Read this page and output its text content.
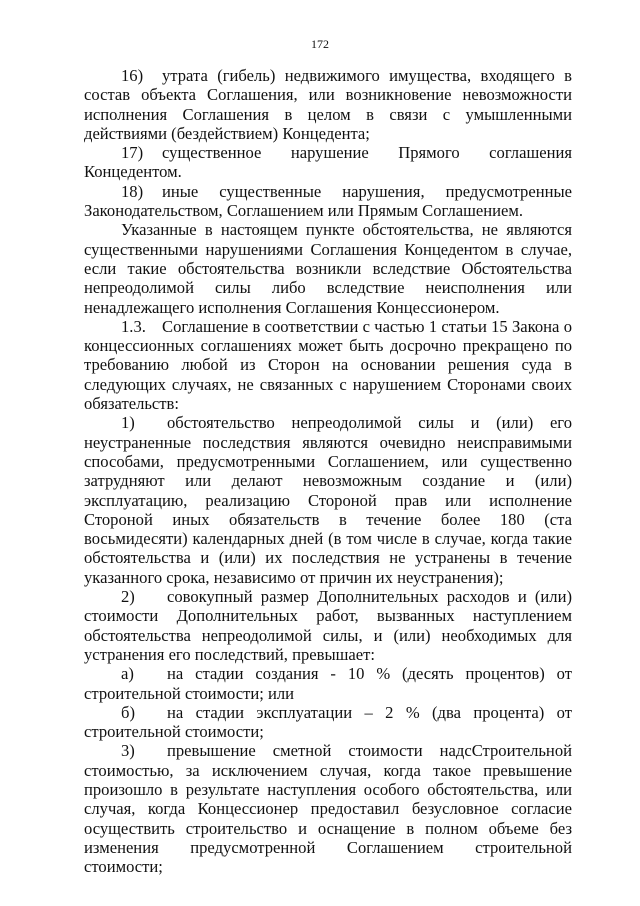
172

16) утрата (гибель) недвижимого имущества, входящего в состав объекта Соглашения, или возникновение невозможности исполнения Соглашения в целом в связи с умышленными действиями (бездействием) Концедента;

17) существенное нарушение Прямого соглашения Концедентом.

18) иные существенные нарушения, предусмотренные Законодательством, Соглашением или Прямым Соглашением.

Указанные в настоящем пункте обстоятельства, не являются существенными нарушениями Соглашения Концедентом в случае, если такие обстоятельства возникли вследствие Обстоятельства непреодолимой силы либо вследствие неисполнения или ненадлежащего исполнения Соглашения Концессионером.

1.3. Соглашение в соответствии с частью 1 статьи 15 Закона о концессионных соглашениях может быть досрочно прекращено по требованию любой из Сторон на основании решения суда в следующих случаях, не связанных с нарушением Сторонами своих обязательств:

1) обстоятельство непреодолимой силы и (или) его неустраненные последствия являются очевидно неисправимыми способами, предусмотренными Соглашением, или существенно затрудняют или делают невозможным создание и (или) эксплуатацию, реализацию Стороной прав или исполнение Стороной иных обязательств в течение более 180 (ста восьмидесяти) календарных дней (в том числе в случае, когда такие обстоятельства и (или) их последствия не устранены в течение указанного срока, независимо от причин их неустранения);

2) совокупный размер Дополнительных расходов и (или) стоимости Дополнительных работ, вызванных наступлением обстоятельства непреодолимой силы, и (или) необходимых для устранения его последствий, превышает:

а) на стадии создания - 10 % (десять процентов) от строительной стоимости; или

б) на стадии эксплуатации – 2 % (два процента) от строительной стоимости;

3) превышение сметной стоимости надсСтроительной стоимостью, за исключением случая, когда такое превышение произошло в результате наступления особого обстоятельства, или случая, когда Концессионер предоставил безусловное согласие осуществить строительство и оснащение в полном объеме без изменения предусмотренной Соглашением строительной стоимости;
